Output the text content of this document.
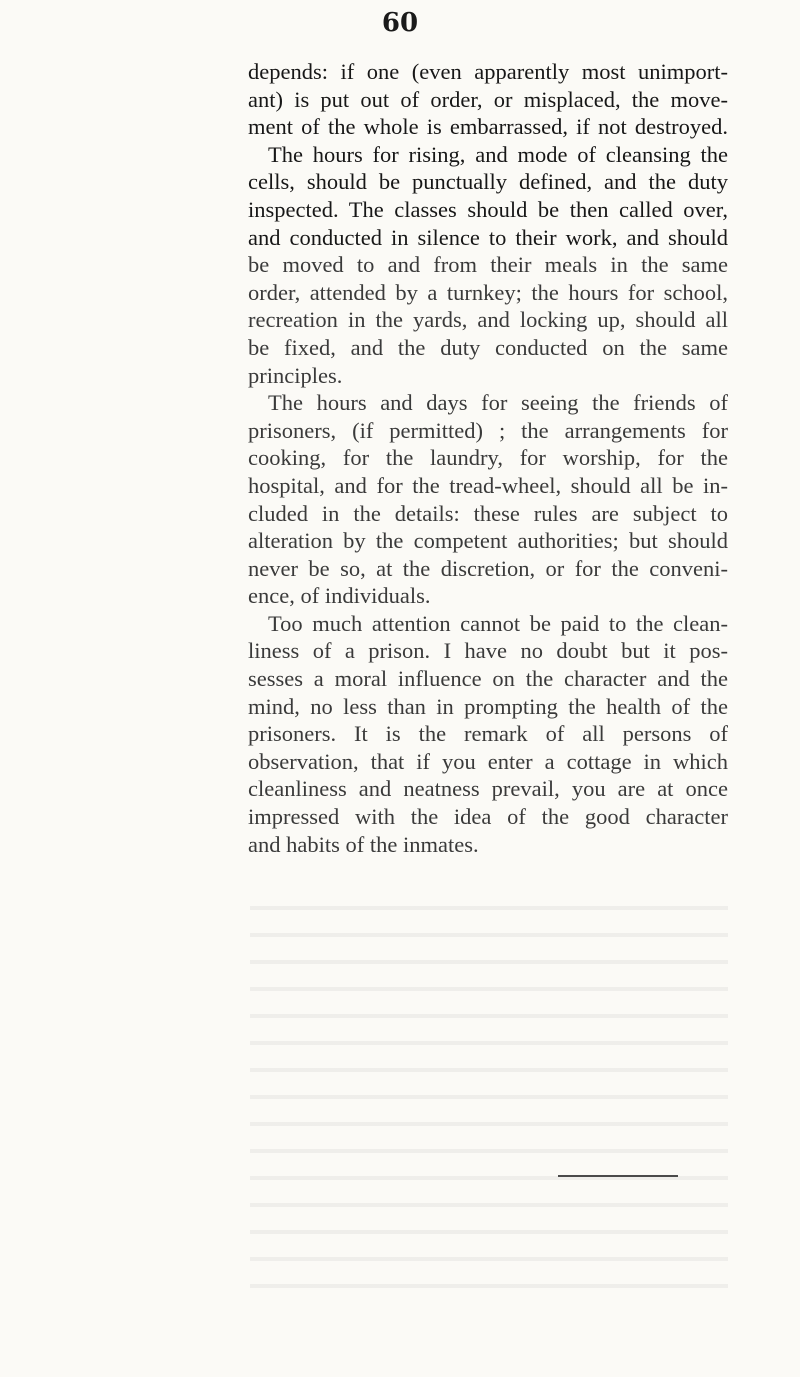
60
depends: if one (even apparently most unimport-
ant) is put out of order, or misplaced, the move-
ment of the whole is embarrassed, if not destroyed.
The hours for rising, and mode of cleansing the
cells, should be punctually defined, and the duty
inspected. The classes should be then called over,
and conducted in silence to their work, and should
be moved to and from their meals in the same
order, attended by a turnkey; the hours for school,
recreation in the yards, and locking up, should all
be fixed, and the duty conducted on the same
principles.
The hours and days for seeing the friends of
prisoners, (if permitted) ; the arrangements for
cooking, for the laundry, for worship, for the
hospital, and for the tread-wheel, should all be in-
cluded in the details: these rules are subject to
alteration by the competent authorities; but should
never be so, at the discretion, or for the conveni-
ence, of individuals.
Too much attention cannot be paid to the clean-
liness of a prison. I have no doubt but it pos-
sesses a moral influence on the character and the
mind, no less than in prompting the health of the
prisoners. It is the remark of all persons of
observation, that if you enter a cottage in which
cleanliness and neatness prevail, you are at once
impressed with the idea of the good character
and habits of the inmates.
